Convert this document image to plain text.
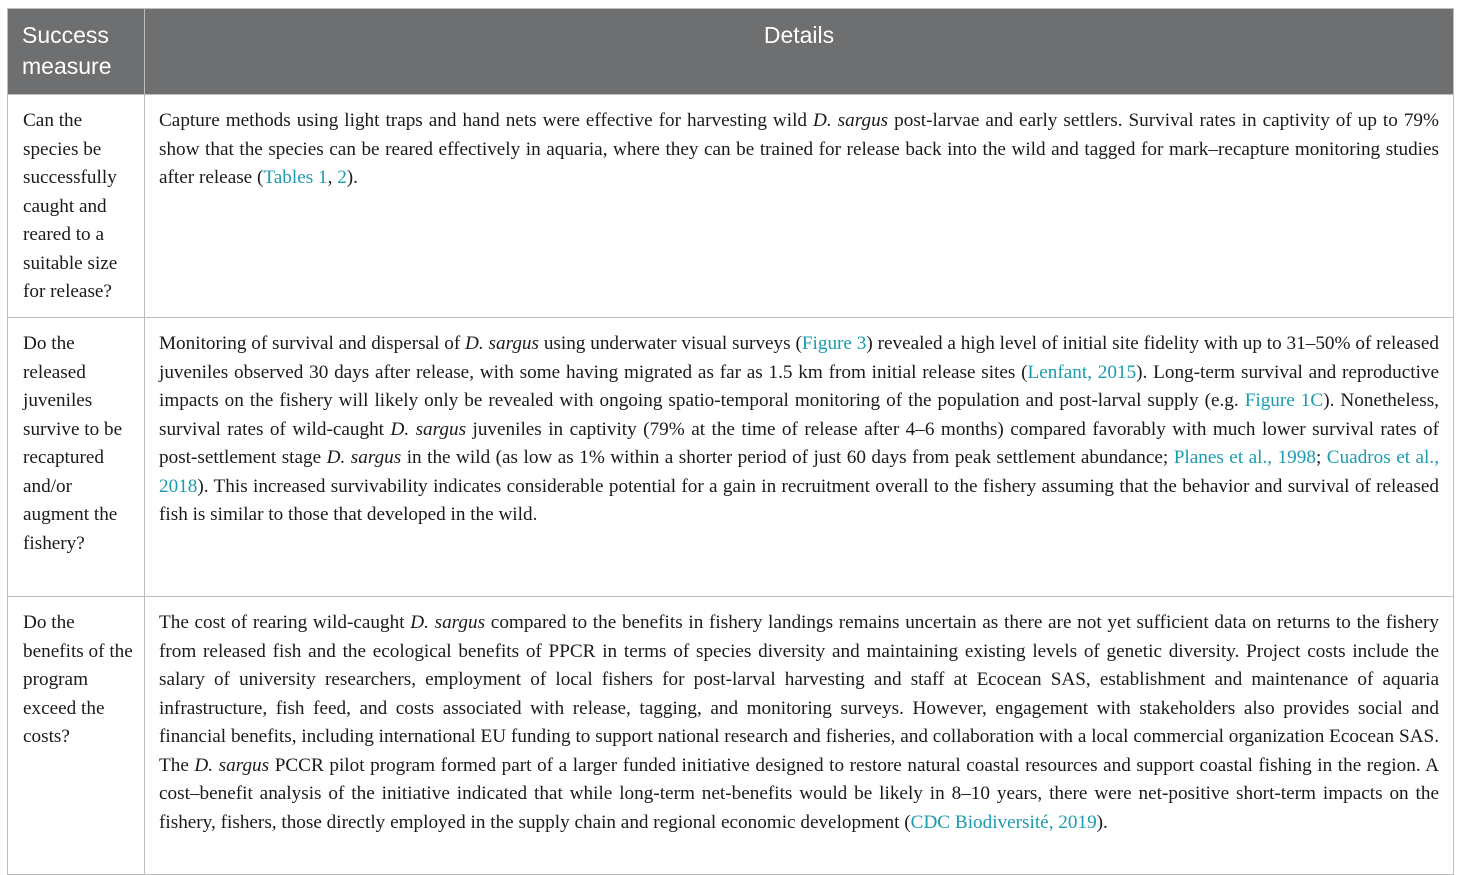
Success measure	Details
Can the species be successfully caught and reared to a suitable size for release?	Capture methods using light traps and hand nets were effective for harvesting wild D. sargus post-larvae and early settlers. Survival rates in captivity of up to 79% show that the species can be reared effectively in aquaria, where they can be trained for release back into the wild and tagged for mark–recapture monitoring studies after release (Tables 1, 2).
Do the released juveniles survive to be recaptured and/or augment the fishery?	Monitoring of survival and dispersal of D. sargus using underwater visual surveys (Figure 3) revealed a high level of initial site fidelity with up to 31–50% of released juveniles observed 30 days after release, with some having migrated as far as 1.5 km from initial release sites (Lenfant, 2015). Long-term survival and reproductive impacts on the fishery will likely only be revealed with ongoing spatio-temporal monitoring of the population and post-larval supply (e.g. Figure 1C). Nonetheless, survival rates of wild-caught D. sargus juveniles in captivity (79% at the time of release after 4–6 months) compared favorably with much lower survival rates of post-settlement stage D. sargus in the wild (as low as 1% within a shorter period of just 60 days from peak settlement abundance; Planes et al., 1998; Cuadros et al., 2018). This increased survivability indicates considerable potential for a gain in recruitment overall to the fishery assuming that the behavior and survival of released fish is similar to those that developed in the wild.
Do the benefits of the program exceed the costs?	The cost of rearing wild-caught D. sargus compared to the benefits in fishery landings remains uncertain as there are not yet sufficient data on returns to the fishery from released fish and the ecological benefits of PPCR in terms of species diversity and maintaining existing levels of genetic diversity. Project costs include the salary of university researchers, employment of local fishers for post-larval harvesting and staff at Ecocean SAS, establishment and maintenance of aquaria infrastructure, fish feed, and costs associated with release, tagging, and monitoring surveys. However, engagement with stakeholders also provides social and financial benefits, including international EU funding to support national research and fisheries, and collaboration with a local commercial organization Ecocean SAS. The D. sargus PCCR pilot program formed part of a larger funded initiative designed to restore natural coastal resources and support coastal fishing in the region. A cost–benefit analysis of the initiative indicated that while long-term net-benefits would be likely in 8–10 years, there were net-positive short-term impacts on the fishery, fishers, those directly employed in the supply chain and regional economic development (CDC Biodiversité, 2019).
